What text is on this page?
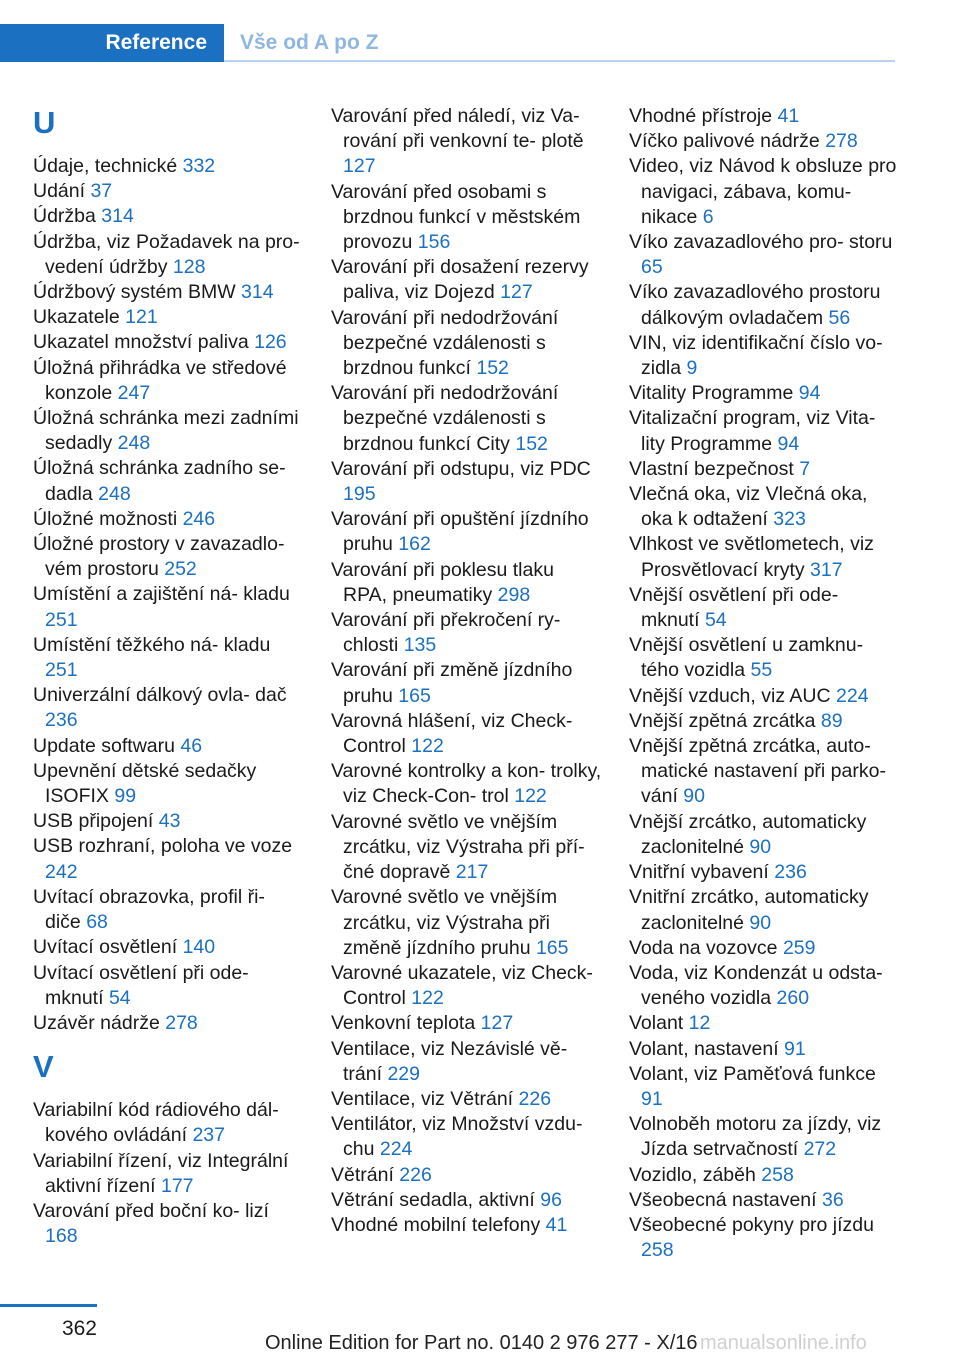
Reference	Vše od A po Z
U
Údaje, technické 332
Udání 37
Údržba 314
Údržba, viz Požadavek na pro‐ vedení údržby 128
Údržbový systém BMW 314
Ukazatele 121
Ukazatel množství paliva 126
Úložná přihrádka ve středové konzole 247
Úložná schránka mezi zadními sedadly 248
Úložná schránka zadního se‐ dadla 248
Úložné možnosti 246
Úložné prostory v zavazadlo‐ vém prostoru 252
Umístění a zajištění ná‐ kladu 251
Umístění těžkého ná‐ kladu 251
Univerzální dálkový ovla‐ dač 236
Update softwaru 46
Upevnění dětské sedačky ISOFIX 99
USB připojení 43
USB rozhraní, poloha ve voze 242
Uvítací obrazovka, profil ři‐ diče 68
Uvítací osvětlení 140
Uvítací osvětlení při ode‐ mknutí 54
Uzávěr nádrže 278
V
Variabilní kód rádiového dál‐ kového ovládání 237
Variabilní řízení, viz Integrální aktivní řízení 177
Varování před boční ko‐ lizí 168
Varování před náledí, viz Va‐ rování při venkovní te‐ plotě 127
Varování před osobami s brzdnou funkcí v městském provozu 156
Varování při dosažení rezervy paliva, viz Dojezd 127
Varování při nedodržování bezpečné vzdálenosti s brzdnou funkcí 152
Varování při nedodržování bezpečné vzdálenosti s brzdnou funkcí City 152
Varování při odstupu, viz PDC 195
Varování při opuštění jízdního pruhu 162
Varování při poklesu tlaku RPA, pneumatiky 298
Varování při překročení ry‐ chlosti 135
Varování při změně jízdního pruhu 165
Varovná hlášení, viz Check- Control 122
Varovné kontrolky a kon‐ trolky, viz Check-Con‐ trol 122
Varovné světlo ve vnějším zrcátku, viz Výstraha při pří‐ čné dopravě 217
Varovné světlo ve vnějším zrcátku, viz Výstraha při změně jízdního pruhu 165
Varovné ukazatele, viz Check- Control 122
Venkovní teplota 127
Ventilace, viz Nezávislé vě‐ trání 229
Ventilace, viz Větrání 226
Ventilátor, viz Množství vzdu‐ chu 224
Větrání 226
Větrání sedadla, aktivní 96
Vhodné mobilní telefony 41
Vhodné přístroje 41
Víčko palivové nádrže 278
Video, viz Návod k obsluze pro navigaci, zábava, komu‐ nikace 6
Víko zavazadlového pro‐ storu 65
Víko zavazadlového prostoru dálkovým ovladačem 56
VIN, viz identifikační číslo vo‐ zidla 9
Vitality Programme 94
Vitalizační program, viz Vita‐ lity Programme 94
Vlastní bezpečnost 7
Vlečná oka, viz Vlečná oka, oka k odtažení 323
Vlhkost ve světlometech, viz Prosvětlovací kryty 317
Vnější osvětlení při ode‐ mknutí 54
Vnější osvětlení u zamknu‐ tého vozidla 55
Vnější vzduch, viz AUC 224
Vnější zpětná zrcátka 89
Vnější zpětná zrcátka, auto‐ matické nastavení při parko‐ vání 90
Vnější zrcátko, automaticky zaclonitelné 90
Vnitřní vybavení 236
Vnitřní zrcátko, automaticky zaclonitelné 90
Voda na vozovce 259
Voda, viz Kondenzát u odsta‐ veného vozidla 260
Volant 12
Volant, nastavení 91
Volant, viz Paměťová funkce 91
Volnoběh motoru za jízdy, viz Jízda setrvačností 272
Vozidlo, záběh 258
Všeobecná nastavení 36
Všeobecné pokyny pro jízdu 258
362
Online Edition for Part no. 0140 2 976 277 - X/16 manualsonline.info
